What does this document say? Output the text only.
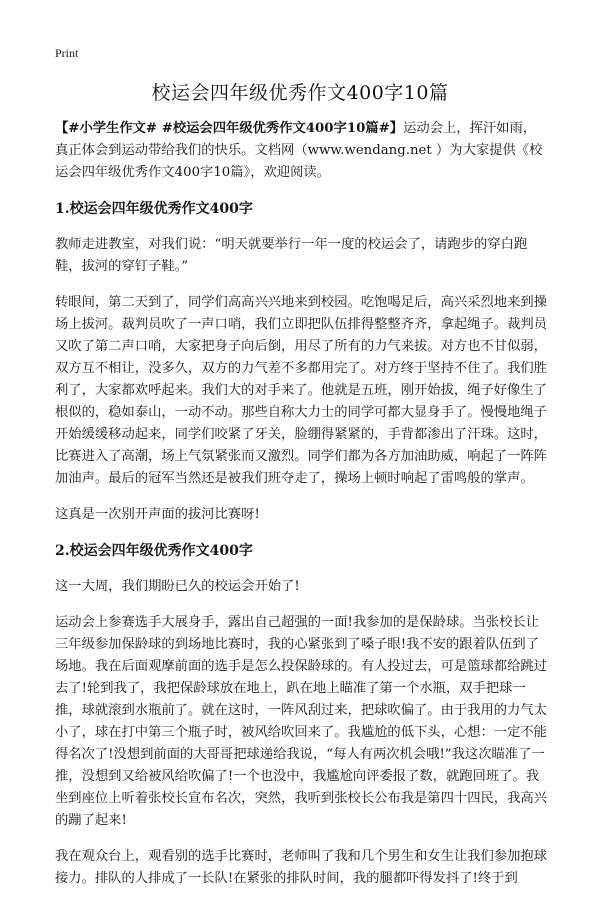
Print
校运会四年级优秀作文400字10篇

【#小学生作文# #校运会四年级优秀作文400字10篇#】运动会上，挥汗如雨，真正体会到运动带给我们的快乐。文档网（www.wendang.net ）为大家提供《校运会四年级优秀作文400字10篇》，欢迎阅读。

1.校运会四年级优秀作文400字

教师走进教室，对我们说：“明天就要举行一年一度的校运会了，请跑步的穿白跑鞋，拔河的穿钉子鞋。”

转眼间，第二天到了，同学们高高兴兴地来到校园。吃饱喝足后，高兴采烈地来到操场上拔河。裁判员吹了一声口哨，我们立即把队伍排得整整齐齐，拿起绳子。裁判员又吹了第二声口哨，大家把身子向后倒，用尽了所有的力气来拔。对方也不甘似弱，双方互不相让，没多久，双方的力气差不多都用完了。对方终于坚持不住了。我们胜利了，大家都欢呼起来。我们大的对手来了。他就是五班，刚开始拔，绳子好像生了根似的，稳如泰山，一动不动。那些自称大力士的同学可都大显身手了。慢慢地绳子开始缓缓移动起来，同学们咬紧了牙关，脸绷得紧紧的，手背都渗出了汗珠。这时，比赛进入了高潮，场上气氛紧张而又激烈。同学们都为各方加油助威，响起了一阵阵加油声。最后的冠军当然还是被我们班夺走了，操场上顿时响起了雷鸣般的掌声。

这真是一次别开声面的拔河比赛呀!

2.校运会四年级优秀作文400字

这一大周，我们期盼已久的校运会开始了!

运动会上参赛选手大展身手，露出自己超强的一面!我参加的是保龄球。当张校长让三年级参加保龄球的到场地比赛时，我的心紧张到了嗓子眼!我不安的跟着队伍到了场地。我在后面观摩前面的选手是怎么投保龄球的。有人投过去，可是篮球都给跳过去了!轮到我了，我把保龄球放在地上，趴在地上瞄准了第一个水瓶，双手把球一推，球就滚到水瓶前了。就在这时，一阵风刮过来，把球吹偏了。由于我用的力气太小了，球在打中第三个瓶子时，被风给吹回来了。我尴尬的低下头，心想：一定不能得名次了!没想到前面的大哥哥把球递给我说，“每人有两次机会哦!”我这次瞄准了一推，没想到又给被风给吹偏了!一个也没中，我尴尬向评委报了数，就跑回班了。我坐到座位上听着张校长宣布名次，突然，我听到张校长公布我是第四十四民，我高兴的蹦了起来!

我在观众台上，观看别的选手比赛时，老师叫了我和几个男生和女生让我们参加抱球接力。排队的人排成了一长队!在紧张的排队时间，我的腿都吓得发抖了!终于到
